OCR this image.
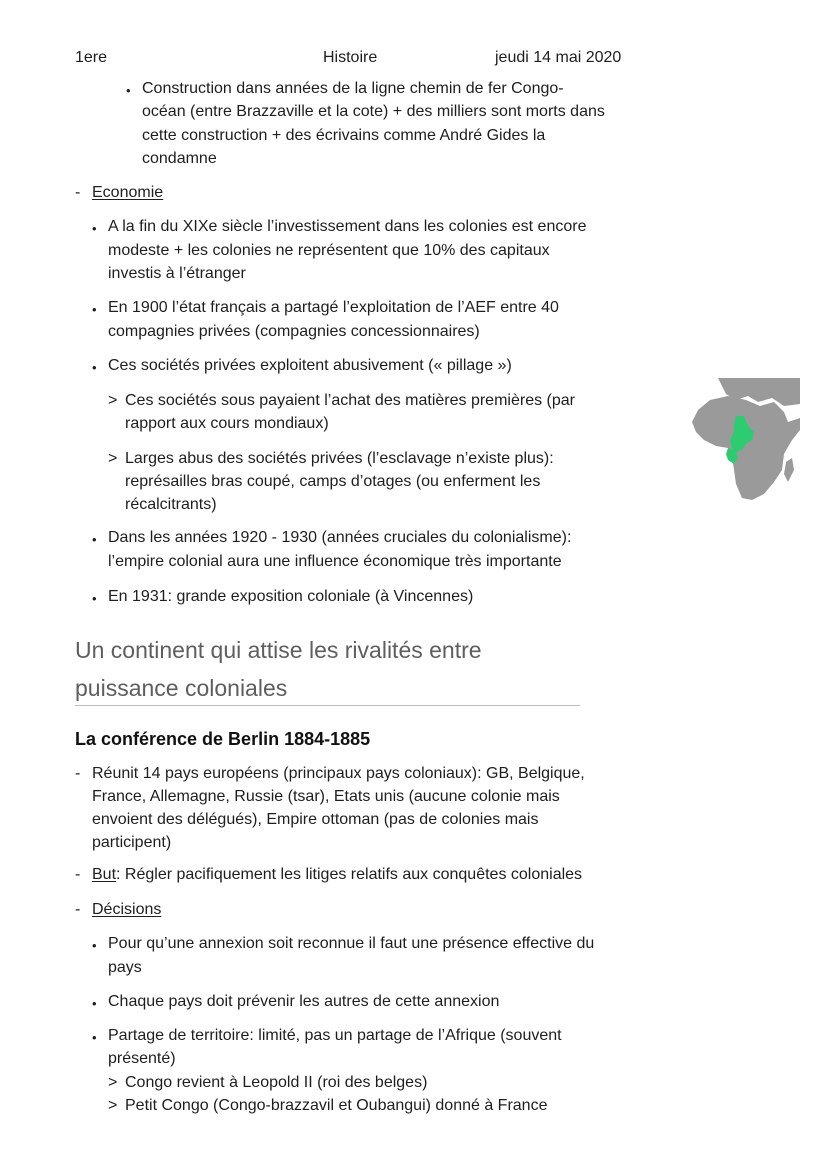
1ere	Histoire	jeudi 14 mai 2020
• Construction dans années de la ligne chemin de fer Congo-
océan (entre Brazzaville et la cote) + des milliers sont morts dans
cette construction + des écrivains comme André Gides la
condamne
- Economie
• A la fin du XIXe siècle l’investissement dans les colonies est encore
modeste + les colonies ne représentent que 10% des capitaux
investis à l’étranger
• En 1900 l’état français a partagé l’exploitation de l’AEF entre 40
compagnies privées (compagnies concessionnaires)
• Ces sociétés privées exploitent abusivement (« pillage »)
> Ces sociétés sous payaient l’achat des matières premières (par
rapport aux cours mondiaux)
> Larges abus des sociétés privées (l’esclavage n’existe plus):
représailles bras coupé, camps d’otages (ou enferment les
récalcitrants)
• Dans les années 1920 - 1930 (années cruciales du colonialisme):
l’empire colonial aura une influence économique très importante
• En 1931: grande exposition coloniale (à Vincennes)
Un continent qui attise les rivalités entre
puissance coloniales
La conférence de Berlin 1884-1885
- Réunit 14 pays européens (principaux pays coloniaux): GB, Belgique,
France, Allemagne, Russie (tsar), Etats unis (aucune colonie mais
envoient des délégués), Empire ottoman (pas de colonies mais
participent)
- But: Régler pacifiquement les litiges relatifs aux conquêtes coloniales
- Décisions
• Pour qu’une annexion soit reconnue il faut une présence effective du
pays
• Chaque pays doit prévenir les autres de cette annexion
• Partage de territoire: limité, pas un partage de l’Afrique (souvent
présenté)
> Congo revient à Leopold II (roi des belges)
> Petit Congo (Congo-brazzavil et Oubangui) donné à France
